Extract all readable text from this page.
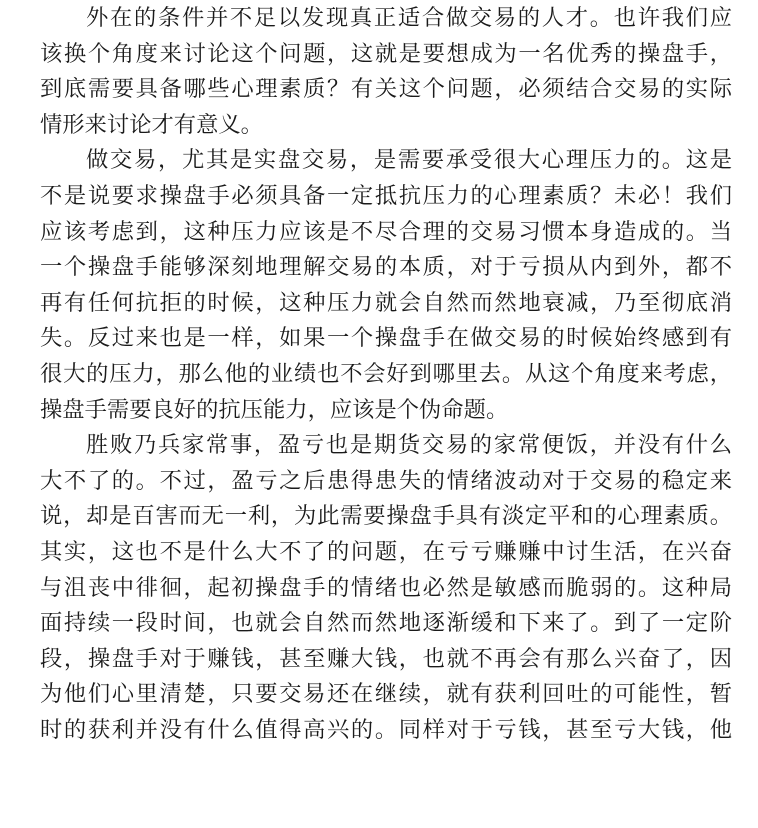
外在的条件并不足以发现真正适合做交易的人才。也许我们应
该换个角度来讨论这个问题，这就是要想成为一名优秀的操盘手，
到底需要具备哪些心理素质？有关这个问题，必须结合交易的实际
情形来讨论才有意义。
做交易，尤其是实盘交易，是需要承受很大心理压力的。这是
不是说要求操盘手必须具备一定抵抗压力的心理素质？未必！我们
应该考虑到，这种压力应该是不尽合理的交易习惯本身造成的。当
一个操盘手能够深刻地理解交易的本质，对于亏损从内到外，都不
再有任何抗拒的时候，这种压力就会自然而然地衰减，乃至彻底消
失。反过来也是一样，如果一个操盘手在做交易的时候始终感到有
很大的压力，那么他的业绩也不会好到哪里去。从这个角度来考虑，
操盘手需要良好的抗压能力，应该是个伪命题。
胜败乃兵家常事，盈亏也是期货交易的家常便饭，并没有什么
大不了的。不过，盈亏之后患得患失的情绪波动对于交易的稳定来
说，却是百害而无一利，为此需要操盘手具有淡定平和的心理素质。
其实，这也不是什么大不了的问题，在亏亏赚赚中讨生活，在兴奋
与沮丧中徘徊，起初操盘手的情绪也必然是敏感而脆弱的。这种局
面持续一段时间，也就会自然而然地逐渐缓和下来了。到了一定阶
段，操盘手对于赚钱，甚至赚大钱，也就不再会有那么兴奋了，因
为他们心里清楚，只要交易还在继续，就有获利回吐的可能性，暂
时的获利并没有什么值得高兴的。同样对于亏钱，甚至亏大钱，他
